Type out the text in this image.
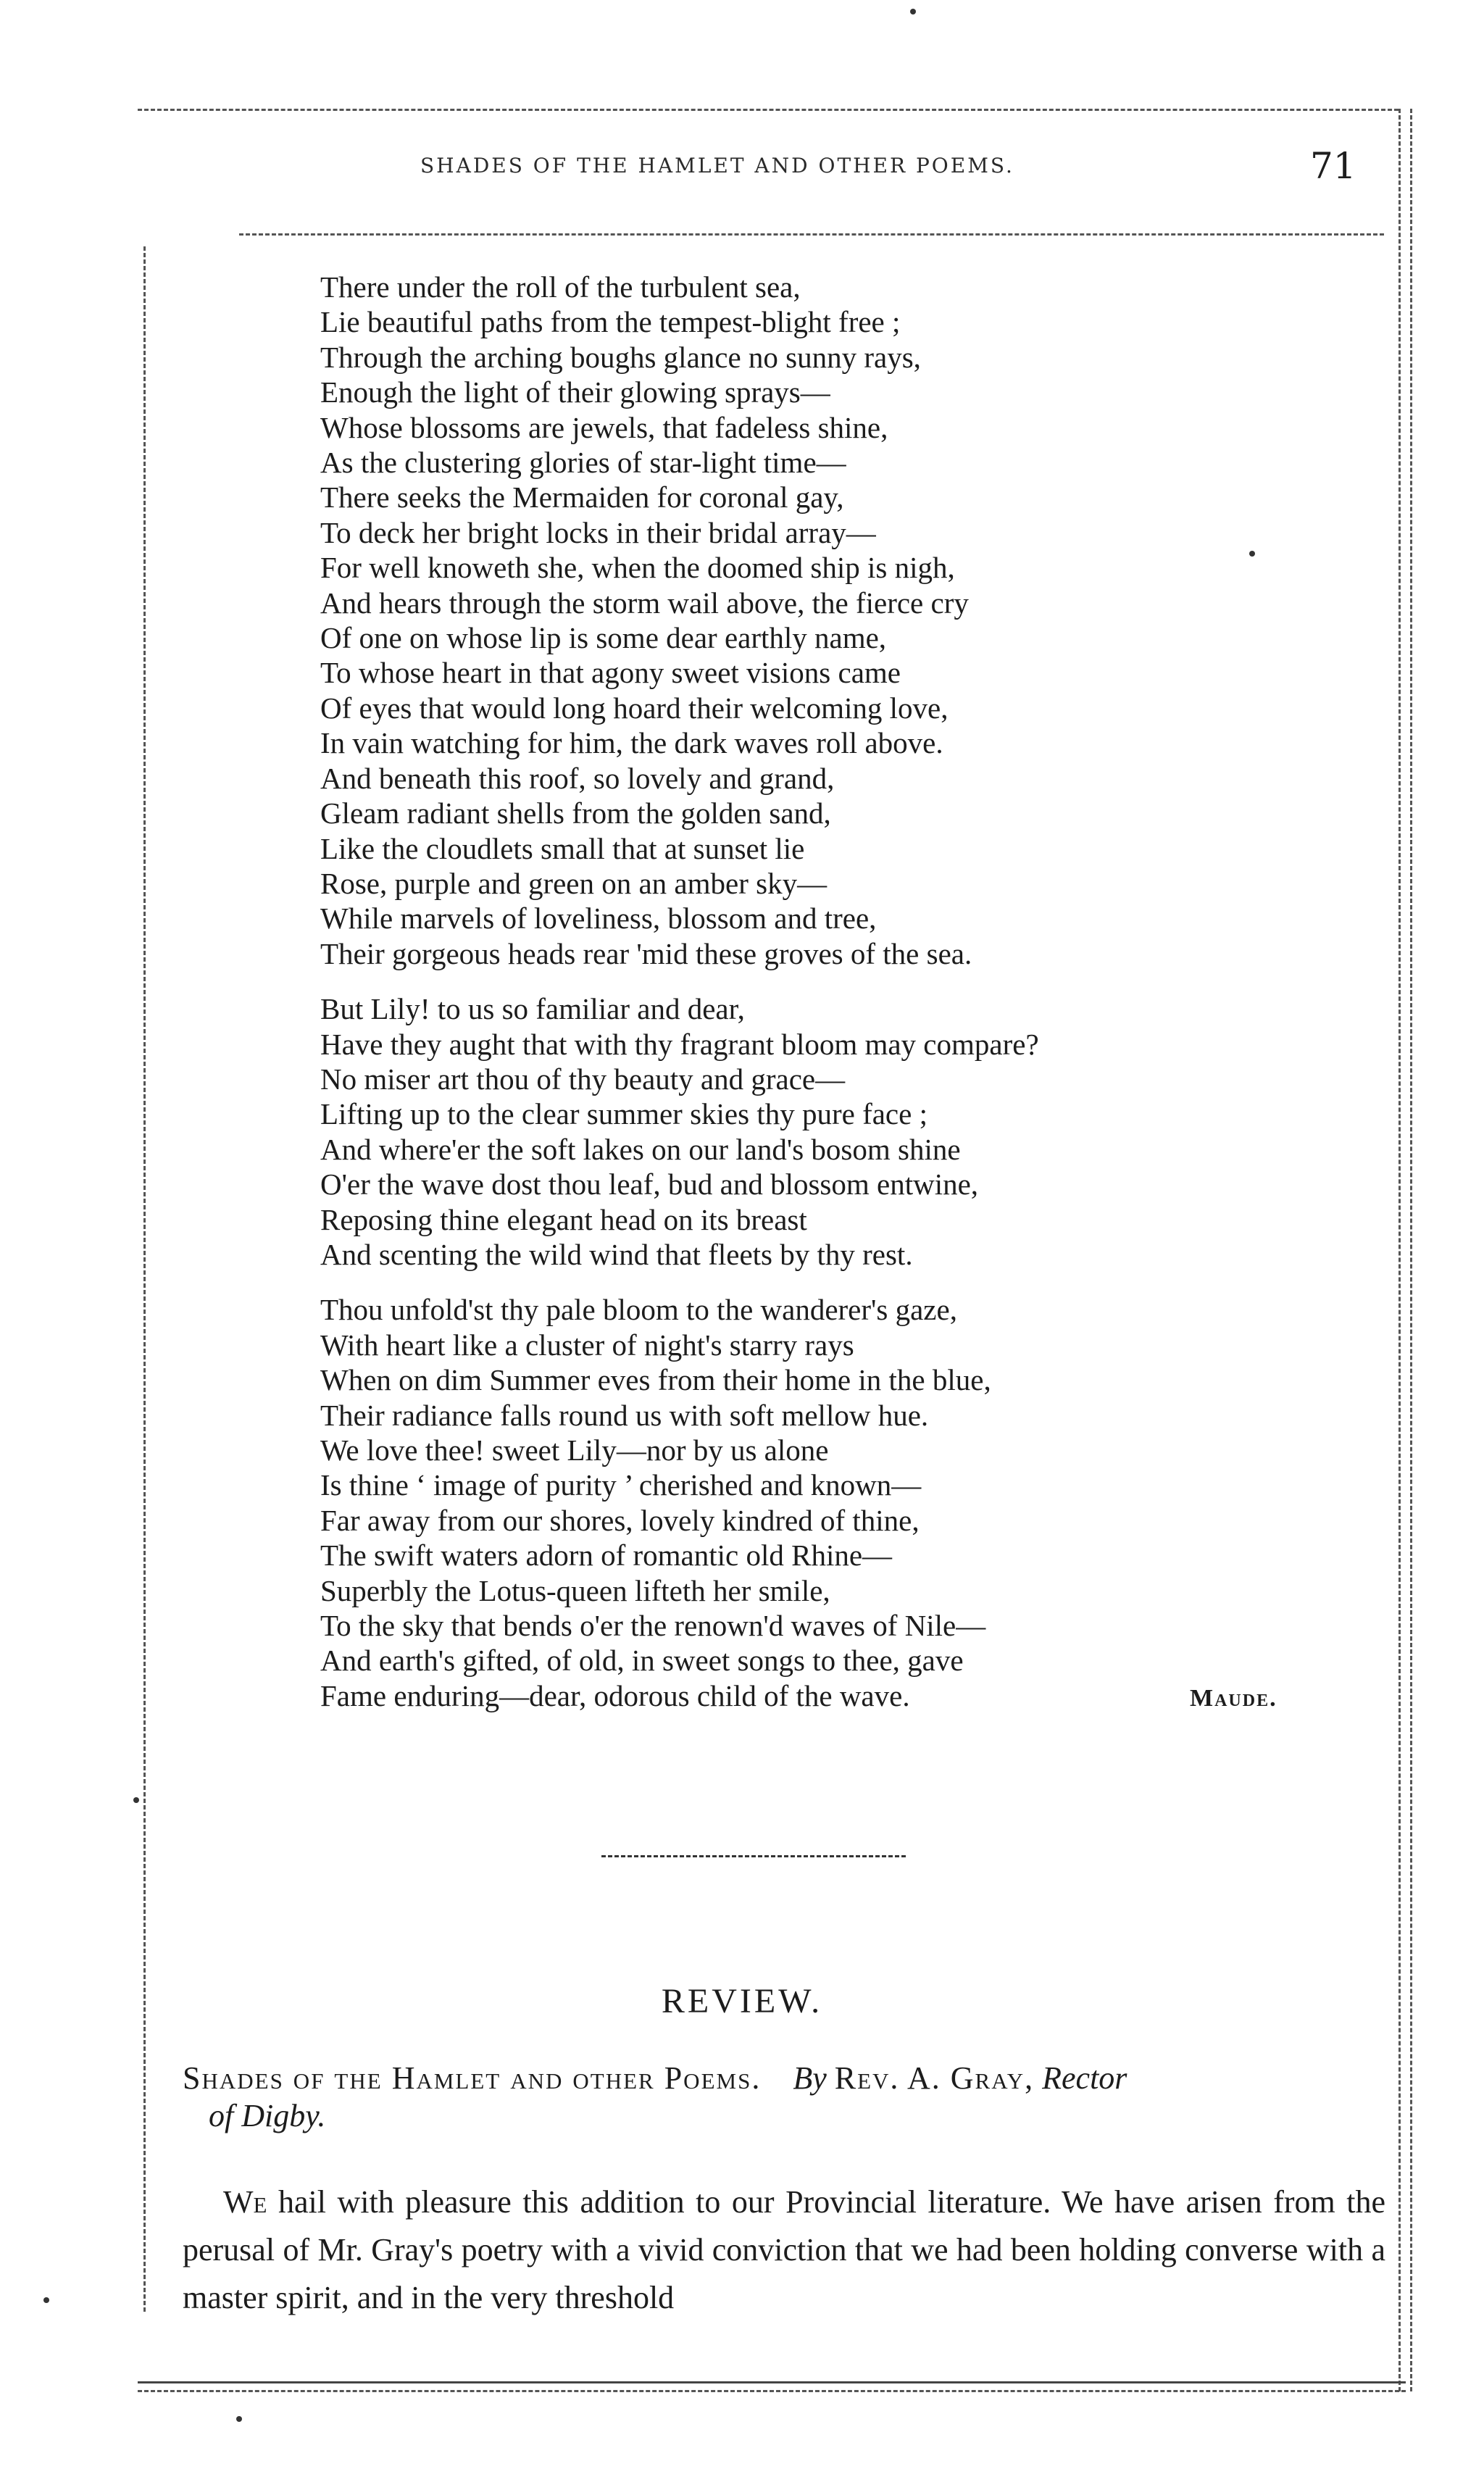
SHADES OF THE HAMLET AND OTHER POEMS.	71
There under the roll of the turbulent sea,
Lie beautiful paths from the tempest-blight free ;
Through the arching boughs glance no sunny rays,
Enough the light of their glowing sprays—
Whose blossoms are jewels, that fadeless shine,
As the clustering glories of star-light time—
There seeks the Mermaiden for coronal gay,
To deck her bright locks in their bridal array—
For well knoweth she, when the doomed ship is nigh,
And hears through the storm wail above, the fierce cry
Of one on whose lip is some dear earthly name,
To whose heart in that agony sweet visions came
Of eyes that would long hoard their welcoming love,
In vain watching for him, the dark waves roll above.
And beneath this roof, so lovely and grand,
Gleam radiant shells from the golden sand,
Like the cloudlets small that at sunset lie
Rose, purple and green on an amber sky—
While marvels of loveliness, blossom and tree,
Their gorgeous heads rear 'mid these groves of the sea.
But Lily! to us so familiar and dear,
Have they aught that with thy fragrant bloom may compare?
No miser art thou of thy beauty and grace—
Lifting up to the clear summer skies thy pure face ;
And where'er the soft lakes on our land's bosom shine
O'er the wave dost thou leaf, bud and blossom entwine,
Reposing thine elegant head on its breast
And scenting the wild wind that fleets by thy rest.
Thou unfold'st thy pale bloom to the wanderer's gaze,
With heart like a cluster of night's starry rays
When on dim Summer eves from their home in the blue,
Their radiance falls round us with soft mellow hue.
We love thee! sweet Lily—nor by us alone
Is thine ‘ image of purity ’ cherished and known—
Far away from our shores, lovely kindred of thine,
The swift waters adorn of romantic old Rhine—
Superbly the Lotus-queen lifteth her smile,
To the sky that bends o'er the renown'd waves of Nile—
And earth's gifted, of old, in sweet songs to thee, gave
Fame enduring—dear, odorous child of the wave.	Maude.
REVIEW.
Shades of the Hamlet and other Poems. By Rev. A. Gray, Rector
of Digby.
We hail with pleasure this addition to our Provincial literature. We have arisen from the perusal of Mr. Gray's poetry with a vivid conviction that we had been holding converse with a master spirit, and in the very threshold
